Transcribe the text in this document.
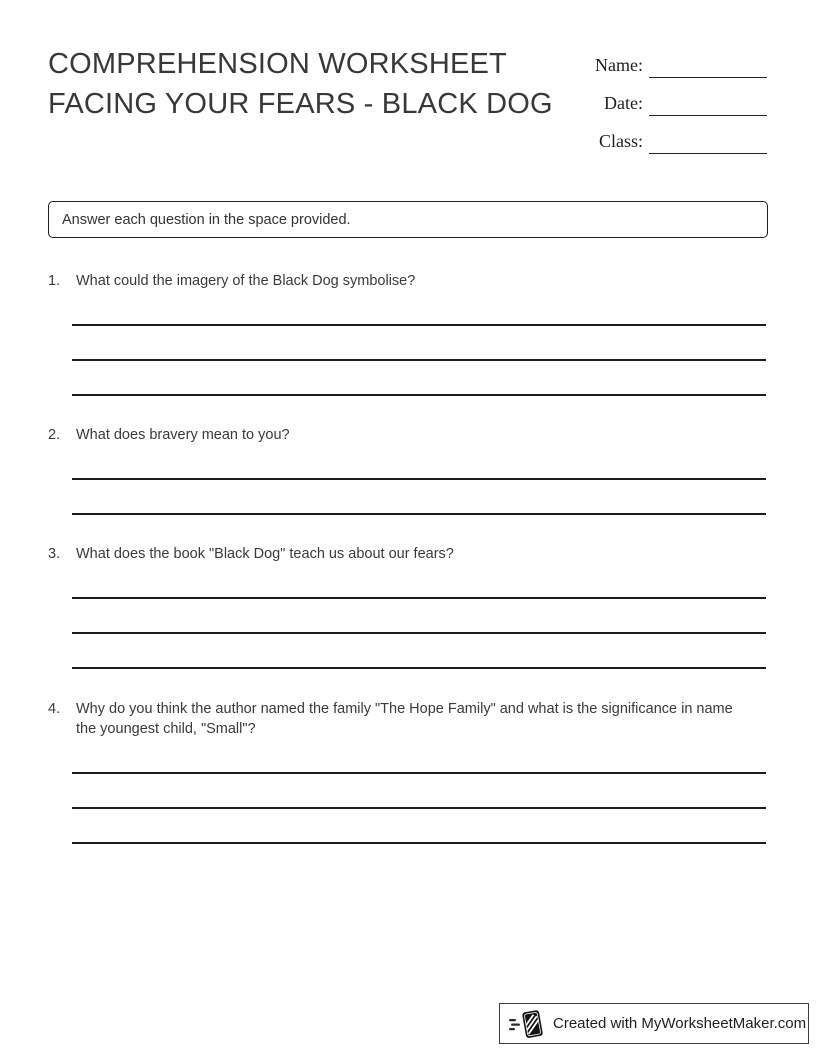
COMPREHENSION WORKSHEET
FACING YOUR FEARS - BLACK DOG
Name:
Date:
Class:
Answer each question in the space provided.
1.	What could the imagery of the Black Dog symbolise?
2.	What does bravery mean to you?
3.	What does the book "Black Dog" teach us about our fears?
4.	Why do you think the author named the family "The Hope Family" and what is the significance in name the youngest child, "Small"?
Created with MyWorksheetMaker.com
